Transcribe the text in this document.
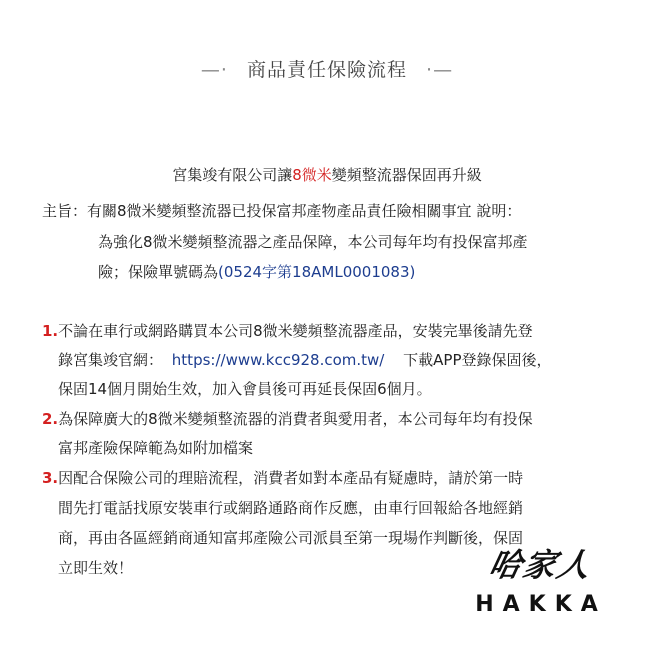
—· 商品責任保險流程 ·—
宮集竣有限公司讓8微米變頻整流器保固再升級
主旨：有關8微米變頻整流器已投保富邦產物產品責任險相關事宜 說明：
為強化8微米變頻整流器之產品保障，本公司每年均有投保富邦產
險；保險單號碼為(0524字第18AML0001083)
1.不論在車行或網路購買本公司8微米變頻整流器產品，安裝完畢後請先登
錄宮集竣官網： https://www.kcc928.com.tw/ 下載APP登錄保固後，
保固14個月開始生效，加入會員後可再延長保固6個月。
2.為保障廣大的8微米變頻整流器的消費者與愛用者，本公司每年均有投保
富邦產險保障範為如附加檔案
3.因配合保險公司的理賠流程，消費者如對本產品有疑慮時，請於第一時
間先打電話找原安裝車行或網路通路商作反應，由車行回報給各地經銷
商，再由各區經銷商通知富邦產險公司派員至第一現場作判斷後，保固
立即生效！	哈家人
HAKKA
